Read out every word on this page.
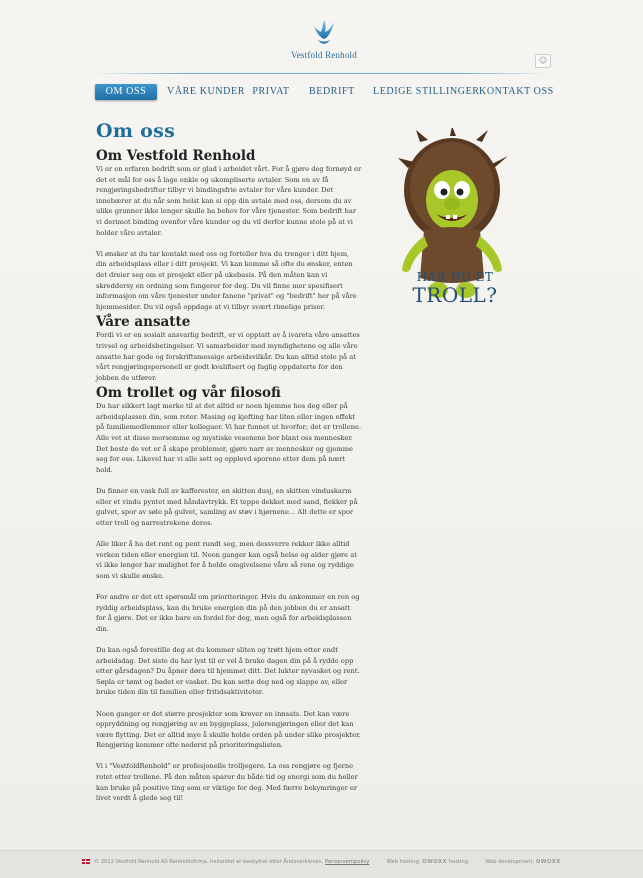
Vestfold Renhold
☺
OM OSS	VÅRE KUNDER PRIVAT BEDRIFT LEDIGE STILLINGER KONTAKT OSS
Om oss
Om Vestfold Renhold

Vi er en erfaren bedrift som er glad i arbeidet vårt. For å gjøre deg fornøyd er det et mål for oss å lage enkle og ukompliserte avtaler. Som en av få rengjøringsbedrifter tilbyr vi bindingsfrie avtaler for våre kunder. Det innebærer at du når som helst kan si opp din avtale med oss, dersom du av ulike grunner ikke lenger skulle ha behov for våre tjenester. Som bedrift har vi derimot binding ovenfor våre kunder og du vil derfor kunne stole på at vi holder våre avtaler.

Vi ønsker at du tar kontakt med oss og forteller hva du trenger i ditt hjem, din arbeidsplass eller i ditt prosjekt. Vi kan komme så ofte du ønsker, enten det dreier seg om et prosjekt eller på ukebasis. På den måten kan vi skreddersy en ordning som fungerer for deg. Du vil finne mer spesifisert informasjon om våre tjenester under fanene "privat" og "bedrift" her på våre hjemmesider. Du vil også oppdage at vi tilbyr svært rimelige priser.

Våre ansatte

Fordi vi er en sosialt ansvarlig bedrift, er vi opptatt av å ivareta våre ansattes trivsel og arbeidsbetingelser. Vi samarbeider med myndighetene og alle våre ansatte har gode og forskriftsmessige arbeidsvilkår. Du kan alltid stole på at vårt rengjøringspersonell er godt kvalifisert og faglig oppdaterte for den jobben de utfører.

Om trollet og vår filosofi

Du har sikkert lagt merke til at det alltid er noen hjemme hos deg eller på arbeidsplassen din, som roter. Masing og kjefting har liten eller ingen effekt på familiemedlemmer eller kollegaer. Vi har funnet ut hvorfor; det er trollene. Alle vet at disse morsomme og mystiske vesenene bor blant oss mennesker. Det beste de vet er å skape problemer, gjøre narr av mennesker og gjemme seg for oss. Likevel har vi alle sett og opplevd sporene etter dem på nært hold.

Du finner en vask full av kafferester, en skitten dusj, en skitten vinduskarm eller et vindu pyntet med håndavtrykk. Et teppe dekket med sand, flekker på gulvet, spor av søle på gulvet, samling av støv i hjørnene... Alt dette er spor etter troll og narrestrekene deres.

Alle liker å ha det rent og pent rundt seg, men dessverre rekker ikke alltid verken tiden eller energien til. Noen ganger kan også helse og alder gjøre at vi ikke lenger har mulighet for å holde omgivelsene våre så rene og ryddige som vi skulle ønske.

For andre er det ett spørsmål om prioriteringer. Hvis du ankommer en ren og ryddig arbeidsplass, kan du bruke energien din på den jobben du er ansatt for å gjøre. Det er ikke bare en fordel for deg, men også for arbeidsplassen din.

Du kan også forestille deg at du kommer sliten og trøtt hjem etter endt arbeidsdag. Det siste du har lyst til er vel å bruke dagen din på å rydde opp etter gårsdagen? Du åpner døra til hjemmet ditt. Det lukter nyvasket og rent. Søpla er tømt og badet er vasket. Du kan sette deg ned og slappe av, eller bruke tiden din til familien eller fritidsaktiviteter.

Noen ganger er det større prosjekter som krever en innsats. Det kan være oppryddning og rengjøring av en byggeplass, julerengjøringen eller det kan være flytting. Det er alltid mye å skulle holde orden på under slike prosjekter. Rengjøring kommer ofte nederst på prioriteringslisten.

Vi i "VestfoldRenhold" er profesjonelle trolljegere. La oss rengjøre og fjerne rotet etter trollene. På den måten sparer du både tid og energi som du heller kan bruke på positive ting som er viktige for deg. Med færre bekymringer er livet verdt å glede seg til!

HAR DU ET
TROLL?
© 2012 Vestfold Renhold AS Renholdsfirma. Innholdet er beskyttet etter Åndsverkloven. Personvernpolicy	Web hosting: OWOXX hosting	Web development: OWOXX
